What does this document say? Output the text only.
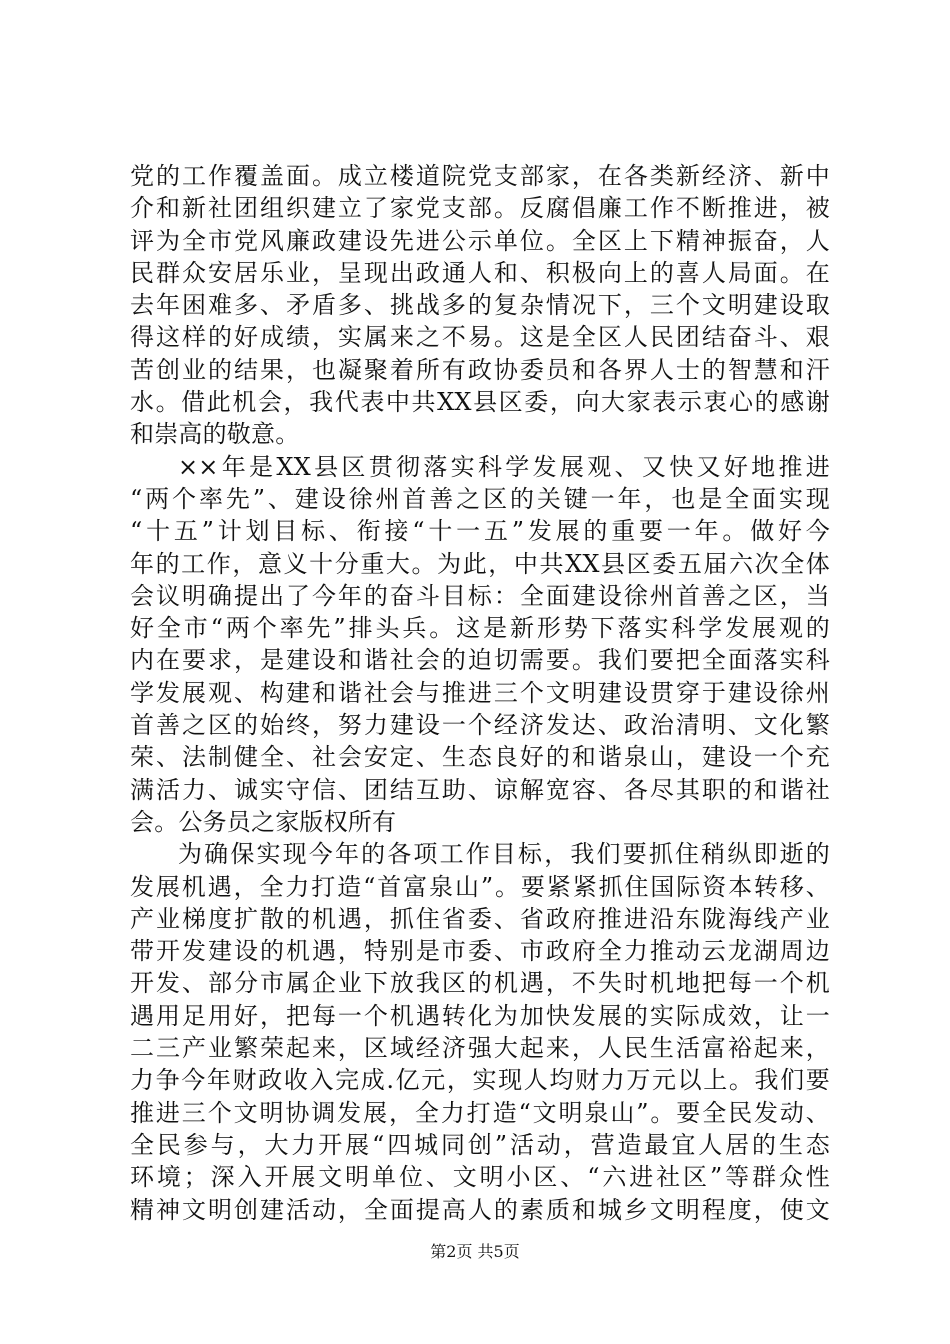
党的工作覆盖面。成立楼道院党支部家，在各类新经济、新中
介和新社团组织建立了家党支部。反腐倡廉工作不断推进，被
评为全市党风廉政建设先进公示单位。全区上下精神振奋，人
民群众安居乐业，呈现出政通人和、积极向上的喜人局面。在
去年困难多、矛盾多、挑战多的复杂情况下，三个文明建设取
得这样的好成绩，实属来之不易。这是全区人民团结奋斗、艰
苦创业的结果，也凝聚着所有政协委员和各界人士的智慧和汗
水。借此机会，我代表中共XX县区委，向大家表示衷心的感谢
和崇高的敬意。
××年是XX县区贯彻落实科学发展观、又快又好地推进
“两个率先”、建设徐州首善之区的关键一年，也是全面实现
“十五”计划目标、衔接“十一五”发展的重要一年。做好今
年的工作，意义十分重大。为此，中共XX县区委五届六次全体
会议明确提出了今年的奋斗目标：全面建设徐州首善之区，当
好全市“两个率先”排头兵。这是新形势下落实科学发展观的
内在要求，是建设和谐社会的迫切需要。我们要把全面落实科
学发展观、构建和谐社会与推进三个文明建设贯穿于建设徐州
首善之区的始终，努力建设一个经济发达、政治清明、文化繁
荣、法制健全、社会安定、生态良好的和谐泉山，建设一个充
满活力、诚实守信、团结互助、谅解宽容、各尽其职的和谐社
会。公务员之家版权所有
为确保实现今年的各项工作目标，我们要抓住稍纵即逝的
发展机遇，全力打造“首富泉山”。要紧紧抓住国际资本转移、
产业梯度扩散的机遇，抓住省委、省政府推进沿东陇海线产业
带开发建设的机遇，特别是市委、市政府全力推动云龙湖周边
开发、部分市属企业下放我区的机遇，不失时机地把每一个机
遇用足用好，把每一个机遇转化为加快发展的实际成效，让一
二三产业繁荣起来，区域经济强大起来，人民生活富裕起来，
力争今年财政收入完成.亿元，实现人均财力万元以上。我们要
推进三个文明协调发展，全力打造“文明泉山”。要全民发动、
全民参与，大力开展“四城同创”活动，营造最宜人居的生态
环境；深入开展文明单位、文明小区、“六进社区”等群众性
精神文明创建活动，全面提高人的素质和城乡文明程度，使文
第2页 共5页
